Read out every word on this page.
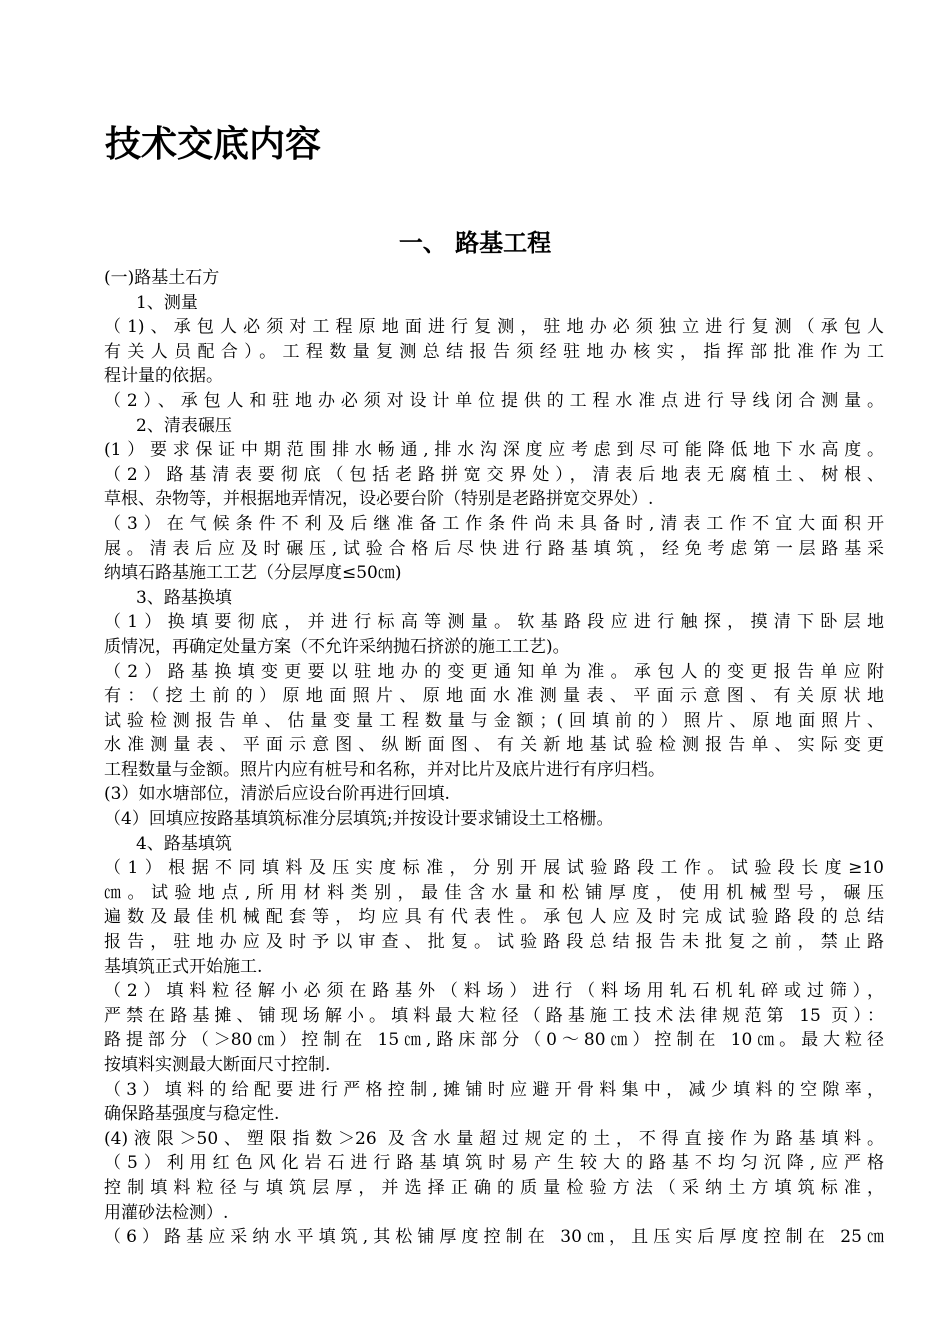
技术交底内容
一、 路基工程
(一)路基土石方
1、测量
（1)、承包人必须对工程原地面进行复测，驻地办必须独立进行复测（承包人
有关人员配合）。工程数量复测总结报告须经驻地办核实，指挥部批准作为工
程计量的依据。
（2）、承包人和驻地办必须对设计单位提供的工程水准点进行导线闭合测量。
2、清表碾压
(1）要求保证中期范围排水畅通,排水沟深度应考虑到尽可能降低地下水高度。
（2）路基清表要彻底（包括老路拼宽交界处），清表后地表无腐植土、树根、
草根、杂物等，并根据地弄情况，设必要台阶（特别是老路拼宽交界处）.
（3）在气候条件不利及后继准备工作条件尚未具备时,清表工作不宜大面积开
展。清表后应及时碾压,试验合格后尽快进行路基填筑，经免考虑第一层路基采
纳填石路基施工工艺（分层厚度≤50㎝)
3、路基换填
（1）换填要彻底，并进行标高等测量。软基路段应进行触探，摸清下卧层地
质情况，再确定处量方案（不允许采纳抛石挤淤的施工工艺)。
（2）路基换填变更要以驻地办的变更通知单为准。承包人的变更报告单应附
有：（挖土前的）原地面照片、原地面水准测量表、平面示意图、有关原状地
试验检测报告单、估量变量工程数量与金额；(回填前的）照片、原地面照片、
水准测量表、平面示意图、纵断面图、有关新地基试验检测报告单、实际变更
工程数量与金额。照片内应有桩号和名称，并对比片及底片进行有序归档。
(3）如水塘部位，清淤后应设台阶再进行回填.
（4）回填应按路基填筑标准分层填筑;并按设计要求铺设土工格栅。
4、路基填筑
（1）根据不同填料及压实度标准，分别开展试验路段工作。试验段长度≥10
㎝。试验地点,所用材料类别，最佳含水量和松铺厚度，使用机械型号，碾压
遍数及最佳机械配套等，均应具有代表性。承包人应及时完成试验路段的总结
报告，驻地办应及时予以审查、批复。试验路段总结报告未批复之前，禁止路
基填筑正式开始施工.
（2）填料粒径解小必须在路基外（料场）进行（料场用轧石机轧碎或过筛），
严禁在路基摊、铺现场解小。填料最大粒径（路基施工技术法律规范第 15 页）：
路提部分（＞80㎝）控制在 15㎝,路床部分（0～80㎝）控制在 10㎝。最大粒径
按填料实测最大断面尺寸控制.
（3）填料的给配要进行严格控制,摊铺时应避开骨料集中，减少填料的空隙率，
确保路基强度与稳定性.
(4)液限＞50、塑限指数＞26 及含水量超过规定的土，不得直接作为路基填料。
（5）利用红色风化岩石进行路基填筑时易产生较大的路基不均匀沉降,应严格
控制填料粒径与填筑层厚，并选择正确的质量检验方法（采纳土方填筑标准，
用灌砂法检测）.
（6）路基应采纳水平填筑,其松铺厚度控制在 30㎝，且压实后厚度控制在 25㎝
